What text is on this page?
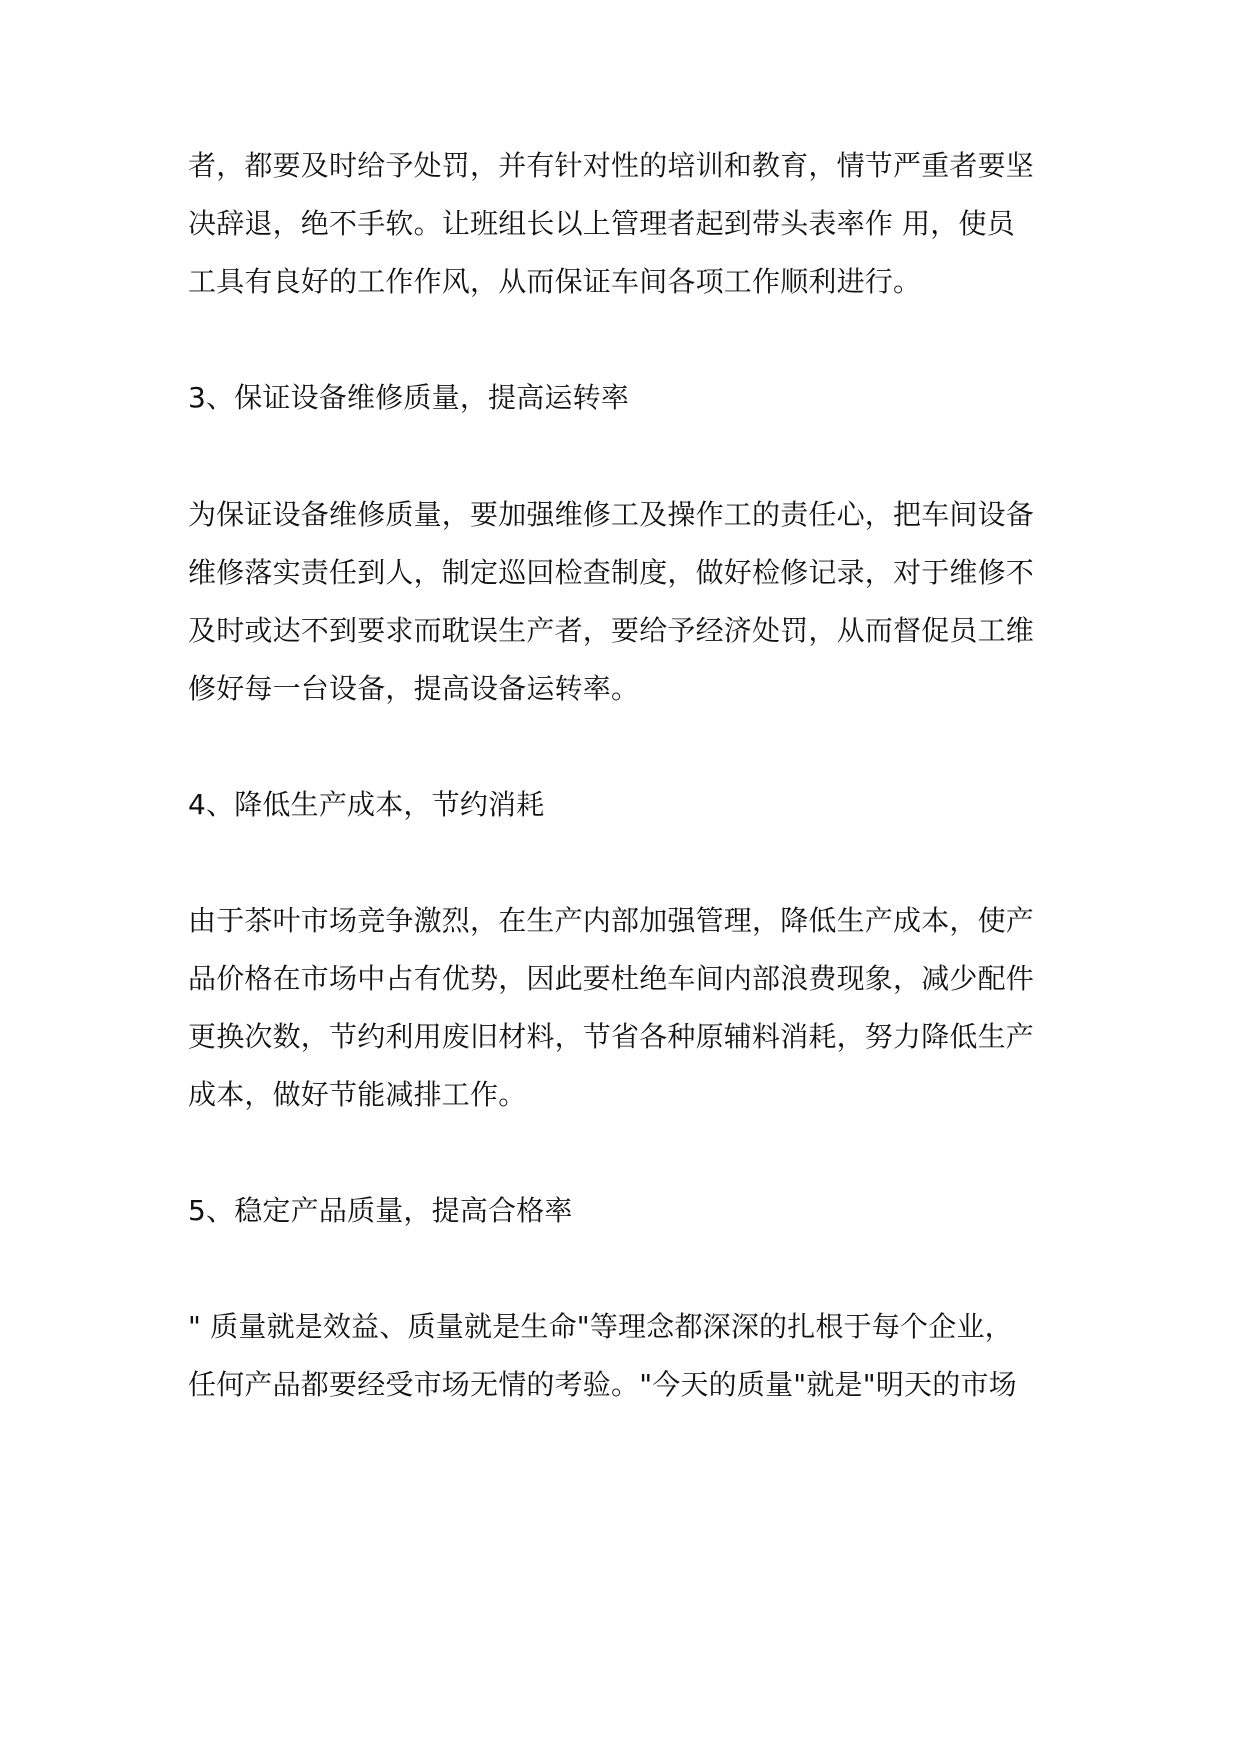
者，都要及时给予处罚，并有针对性的培训和教育，情节严重者要坚
决辞退，绝不手软。让班组长以上管理者起到带头表率作 用，使员
工具有良好的工作作风，从而保证车间各项工作顺利进行。
3、保证设备维修质量，提高运转率
为保证设备维修质量，要加强维修工及操作工的责任心，把车间设备
维修落实责任到人，制定巡回检查制度，做好检修记录，对于维修不
及时或达不到要求而耽误生产者，要给予经济处罚，从而督促员工维
修好每一台设备，提高设备运转率。
4、降低生产成本，节约消耗
由于茶叶市场竞争激烈，在生产内部加强管理，降低生产成本，使产
品价格在市场中占有优势，因此要杜绝车间内部浪费现象，减少配件
更换次数，节约利用废旧材料，节省各种原辅料消耗，努力降低生产
成本，做好节能减排工作。
5、稳定产品质量，提高合格率
" 质量就是效益、质量就是生命"等理念都深深的扎根于每个企业，
任何产品都要经受市场无情的考验。"今天的质量"就是"明天的市场
